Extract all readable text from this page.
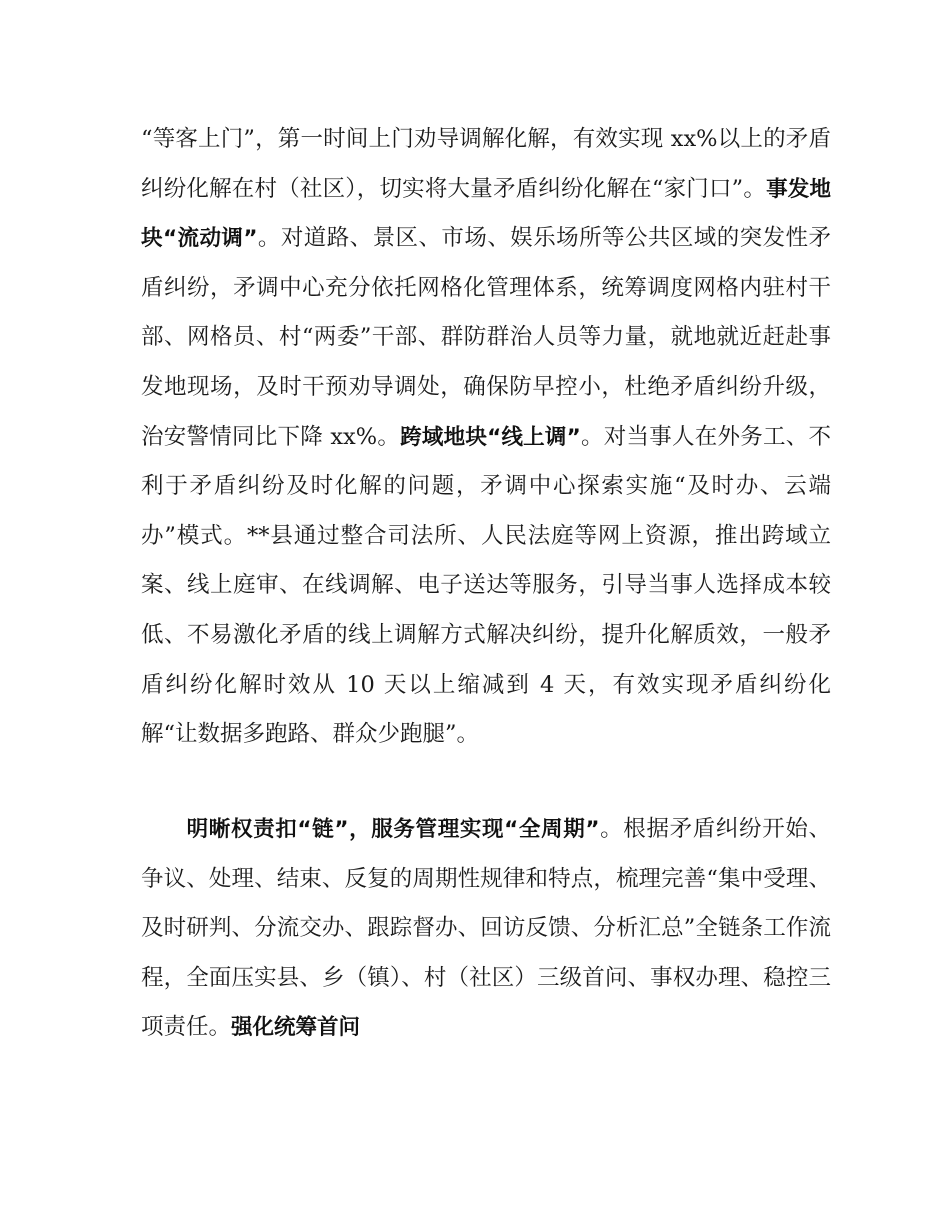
“等客上门”，第一时间上门劝导调解化解，有效实现 xx%以上的矛盾纠纷化解在村（社区），切实将大量矛盾纠纷化解在“家门口”。事发地块“流动调”。对道路、景区、市场、娱乐场所等公共区域的突发性矛盾纠纷，矛调中心充分依托网格化管理体系，统筹调度网格内驻村干部、网格员、村“两委”干部、群防群治人员等力量，就地就近赶赴事发地现场，及时干预劝导调处，确保防早控小，杜绝矛盾纠纷升级，治安警情同比下降 xx%。跨域地块“线上调”。对当事人在外务工、不利于矛盾纠纷及时化解的问题，矛调中心探索实施“及时办、云端办”模式。**县通过整合司法所、人民法庭等网上资源，推出跨域立案、线上庭审、在线调解、电子送达等服务，引导当事人选择成本较低、不易激化矛盾的线上调解方式解决纠纷，提升化解质效，一般矛盾纠纷化解时效从 10 天以上缩减到 4 天，有效实现矛盾纠纷化解“让数据多跑路、群众少跑腿”。

明晰权责扣“链”，服务管理实现“全周期”。根据矛盾纠纷开始、争议、处理、结束、反复的周期性规律和特点，梳理完善“集中受理、及时研判、分流交办、跟踪督办、回访反馈、分析汇总”全链条工作流程，全面压实县、乡（镇）、村（社区）三级首问、事权办理、稳控三项责任。强化统筹首问
